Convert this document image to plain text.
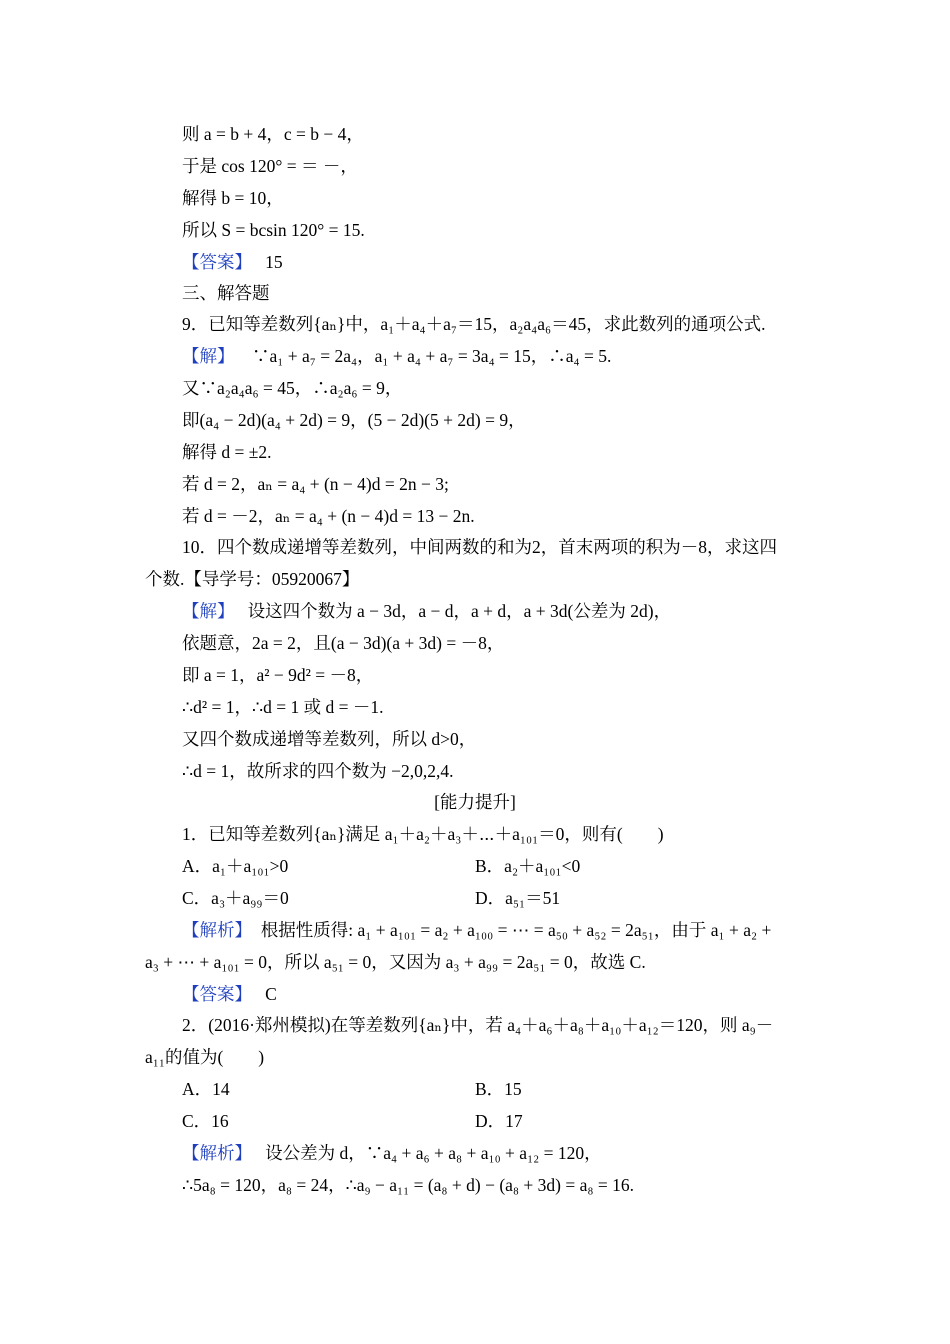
则 a = b + 4，c = b − 4，
于是 cos 120° = ＝ －，
解得 b = 10，
所以 S = bcsin 120° = 15.
【答案】 15
三、解答题
9．已知等差数列{aₙ}中，a₁＋a₄＋a₇＝15，a₂a₄a₆＝45，求此数列的通项公式.
【解】 ∵a₁ + a₇ = 2a₄，a₁ + a₄ + a₇ = 3a₄ = 15，∴a₄ = 5.
又∵a₂a₄a₆ = 45，∴a₂a₆ = 9，
即(a₄ − 2d)(a₄ + 2d) = 9，(5 − 2d)(5 + 2d) = 9，
解得 d = ±2.
若 d = 2，aₙ = a₄ + (n − 4)d = 2n − 3;
若 d = －2，aₙ = a₄ + (n − 4)d = 13 − 2n.
10．四个数成递增等差数列，中间两数的和为2，首末两项的积为－8，求这四
个数.【导学号：05920067】
【解】 设这四个数为 a − 3d，a − d，a + d，a + 3d(公差为 2d)，
依题意，2a = 2，且(a − 3d)(a + 3d) = －8，
即 a = 1，a² − 9d² = －8，
∴d² = 1，∴d = 1 或 d = －1.
又四个数成递增等差数列，所以 d>0，
∴d = 1，故所求的四个数为 −2,0,2,4.
[能力提升]
1．已知等差数列{aₙ}满足 a₁＋a₂＋a₃＋⋯＋a₁₀₁＝0，则有(　　)
A．a₁＋a₁₀₁>0	B．a₂＋a₁₀₁<0
C．a₃＋a₉₉＝0	D．a₅₁＝51
【解析】 根据性质得: a₁ + a₁₀₁ = a₂ + a₁₀₀ = ⋯ = a₅₀ + a₅₂ = 2a₅₁，由于 a₁ + a₂ +
a₃ + ⋯ + a₁₀₁ = 0，所以 a₅₁ = 0，又因为 a₃ + a₉₉ = 2a₅₁ = 0，故选 C.
【答案】 C
2．(2016·郑州模拟)在等差数列{aₙ}中，若 a₄＋a₆＋a₈＋a₁₀＋a₁₂＝120，则 a₉－
a₁₁的值为(　　)
A．14	B．15
C．16	D．17
【解析】 设公差为 d，∵a₄ + a₆ + a₈ + a₁₀ + a₁₂ = 120，
∴5a₈ = 120，a₈ = 24，∴a₉ − a₁₁ = (a₈ + d) − (a₈ + 3d) = a₈ = 16.
